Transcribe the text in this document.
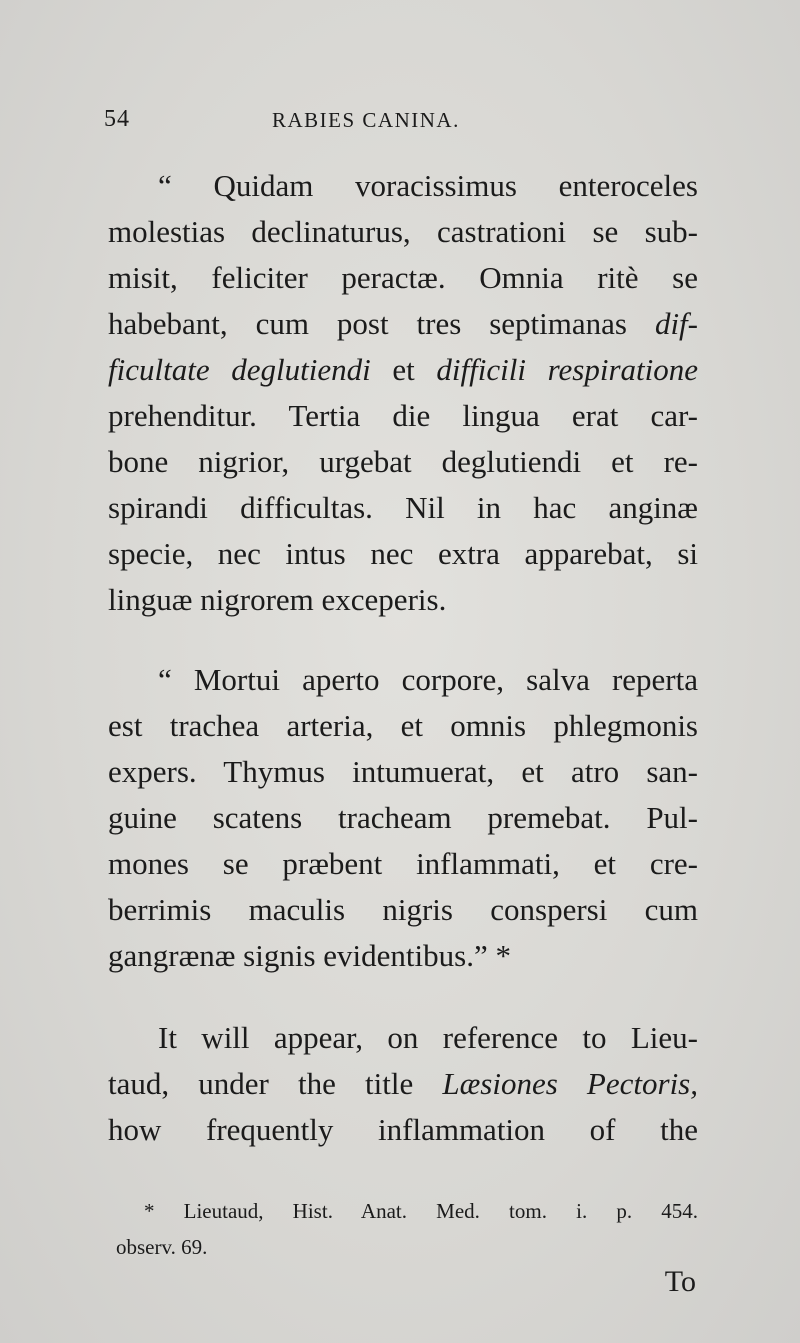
54	RABIES CANINA.
“ Quidam voracissimus enteroceles
molestias declinaturus, castrationi se sub-
misit, feliciter peractæ. Omnia ritè se
habebant, cum post tres septimanas dif-
ficultate deglutiendi et difficili respiratione
prehenditur. Tertia die lingua erat car-
bone nigrior, urgebat deglutiendi et re-
spirandi difficultas. Nil in hac anginæ
specie, nec intus nec extra apparebat, si
linguæ nigrorem exceperis.
“ Mortui aperto corpore, salva reperta
est trachea arteria, et omnis phlegmonis
expers. Thymus intumuerat, et atro san-
guine scatens tracheam premebat. Pul-
mones se præbent inflammati, et cre-
berrimis maculis nigris conspersi cum
gangrænæ signis evidentibus.” *
It will appear, on reference to Lieu-
taud, under the title Læsiones Pectoris,
how frequently inflammation of the
* Lieutaud, Hist. Anat. Med. tom. i. p. 454.
observ. 69.
To
